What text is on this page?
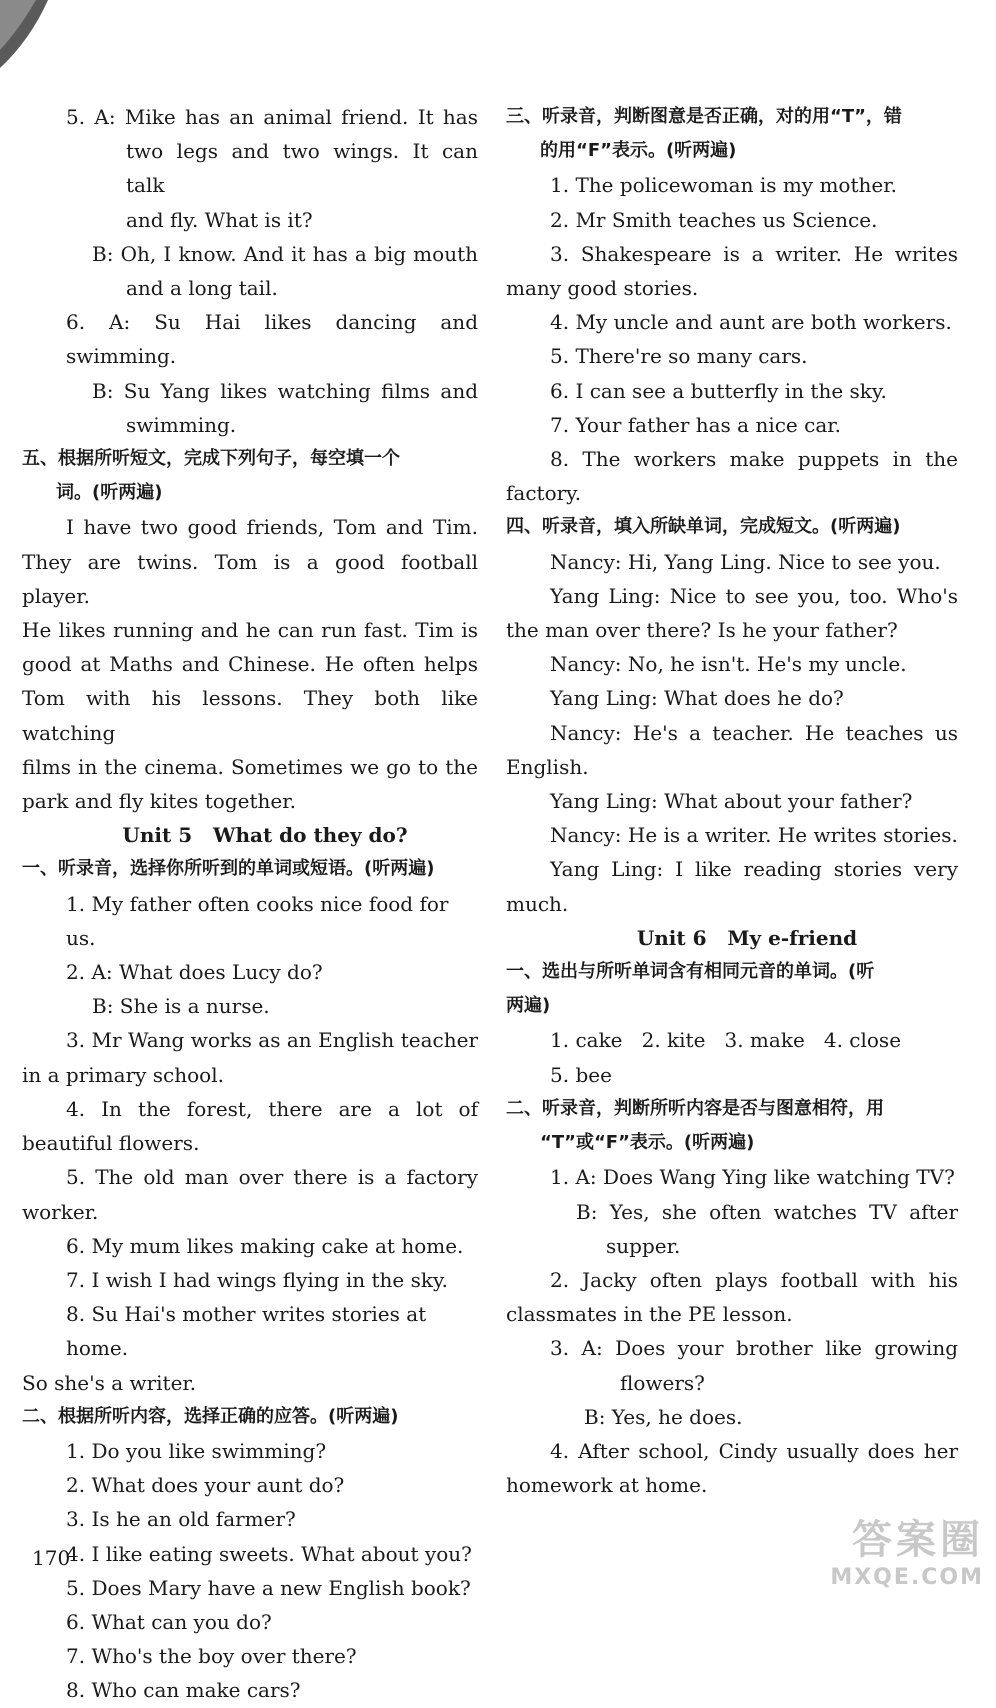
5. A: Mike has an animal friend. It has

two legs and two wings. It can talk

and fly. What is it?

B: Oh, I know. And it has a big mouth

and a long tail.

6. A: Su Hai likes dancing and swimming.

B: Su Yang likes watching films and

swimming.

五、根据所听短文，完成下列句子，每空填一个

词。(听两遍)

I have two good friends, Tom and Tim.

They are twins. Tom is a good football player.

He likes running and he can run fast. Tim is

good at Maths and Chinese. He often helps

Tom with his lessons. They both like watching

films in the cinema. Sometimes we go to the

park and fly kites together.

Unit 5   What do they do?

一、听录音，选择你所听到的单词或短语。(听两遍)

1. My father often cooks nice food for us.

2. A: What does Lucy do?

B: She is a nurse.

3. Mr Wang works as an English teacher

in a primary school.

4. In the forest, there are a lot of

beautiful flowers.

5. The old man over there is a factory

worker.

6. My mum likes making cake at home.

7. I wish I had wings flying in the sky.

8. Su Hai's mother writes stories at home.

So she's a writer.

二、根据所听内容，选择正确的应答。(听两遍)

1. Do you like swimming?

2. What does your aunt do?

3. Is he an old farmer?

4. I like eating sweets. What about you?

5. Does Mary have a new English book?

6. What can you do?

7. Who's the boy over there?

8. Who can make cars?

三、听录音，判断图意是否正确，对的用“T”，错

的用“F”表示。(听两遍)

1. The policewoman is my mother.

2. Mr Smith teaches us Science.

3. Shakespeare is a writer. He writes

many good stories.

4. My uncle and aunt are both workers.

5. There're so many cars.

6. I can see a butterfly in the sky.

7. Your father has a nice car.

8. The workers make puppets in the

factory.

四、听录音，填入所缺单词，完成短文。(听两遍)

Nancy: Hi, Yang Ling. Nice to see you.

Yang Ling: Nice to see you, too. Who's

the man over there? Is he your father?

Nancy: No, he isn't. He's my uncle.

Yang Ling: What does he do?

Nancy: He's a teacher. He teaches us

English.

Yang Ling: What about your father?

Nancy: He is a writer. He writes stories.

Yang Ling: I like reading stories very

much.

Unit 6   My e-friend

一、选出与所听单词含有相同元音的单词。(听

两遍)

1. cake   2. kite   3. make   4. close

5. bee

二、听录音，判断所听内容是否与图意相符，用

“T”或“F”表示。(听两遍)

1. A: Does Wang Ying like watching TV?

B: Yes, she often watches TV after

supper.

2. Jacky often plays football with his

classmates in the PE lesson.

3. A: Does your brother like growing

flowers?

B: Yes, he does.

4. After school, Cindy usually does her

homework at home.

170	答案圈
MXQE.COM
